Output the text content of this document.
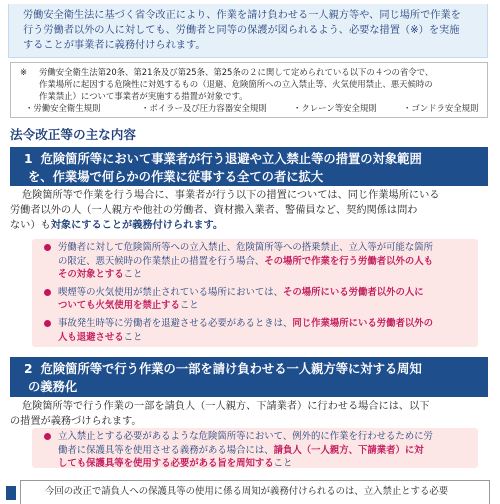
労働安全衛生法に基づく省令改正により、作業を請け負わせる一人親方等や、同じ場所で作業を
行う労働者以外の人に対しても、労働者と同等の保護が図られるよう、必要な措置（※）を実施
することが事業者に義務付けられます。
※ 労働安全衛生法第20条、第21条及び第25条、第25条の２に関して定められている以下の４つの省令で、
作業場所に起因する危険性に対処するもの（退避、危険箇所への立入禁止等、火気使用禁止、悪天候時の
作業禁止）について事業者が実施する措置が対象です。
・労働安全衛生規則	・ボイラー及び圧力容器安全規則	・クレーン等安全規則	・ゴンドラ安全規則
法令改正等の主な内容
1 危険箇所等において事業者が行う退避や立入禁止等の措置の対象範囲
を、作業場で何らかの作業に従事する全ての者に拡大
危険箇所等で作業を行う場合に、事業者が行う以下の措置については、同じ作業場所にいる
労働者以外の人（一人親方や他社の労働者、資材搬入業者、警備員など、契約関係は問わ
ない）も対象にすることが義務付けられます。
労働者に対して危険箇所等への立入禁止、危険箇所等への搭乗禁止、立入等が可能な箇所
の限定、悪天候時の作業禁止の措置を行う場合、その場所で作業を行う労働者以外の人も
その対象とすること
喫煙等の火気使用が禁止されている場所においては、その場所にいる労働者以外の人に
ついても火気使用を禁止すること
事故発生時等に労働者を退避させる必要があるときは、同じ作業場所にいる労働者以外の
人も退避させること
2 危険箇所等で行う作業の一部を請け負わせる一人親方等に対する周知
の義務化
危険箇所等で行う作業の一部を請負人（一人親方、下請業者）に行わせる場合には、以下
の措置が義務づけられます。
立入禁止とする必要があるような危険箇所等において、例外的に作業を行わせるために労
働者に保護具等を使用させる義務がある場合には、請負人（一人親方、下請業者）に対
しても保護具等を使用する必要がある旨を周知すること
今回の改正で請負人への保護具等の使用に係る周知が義務付けられるのは、立入禁止とする必要
